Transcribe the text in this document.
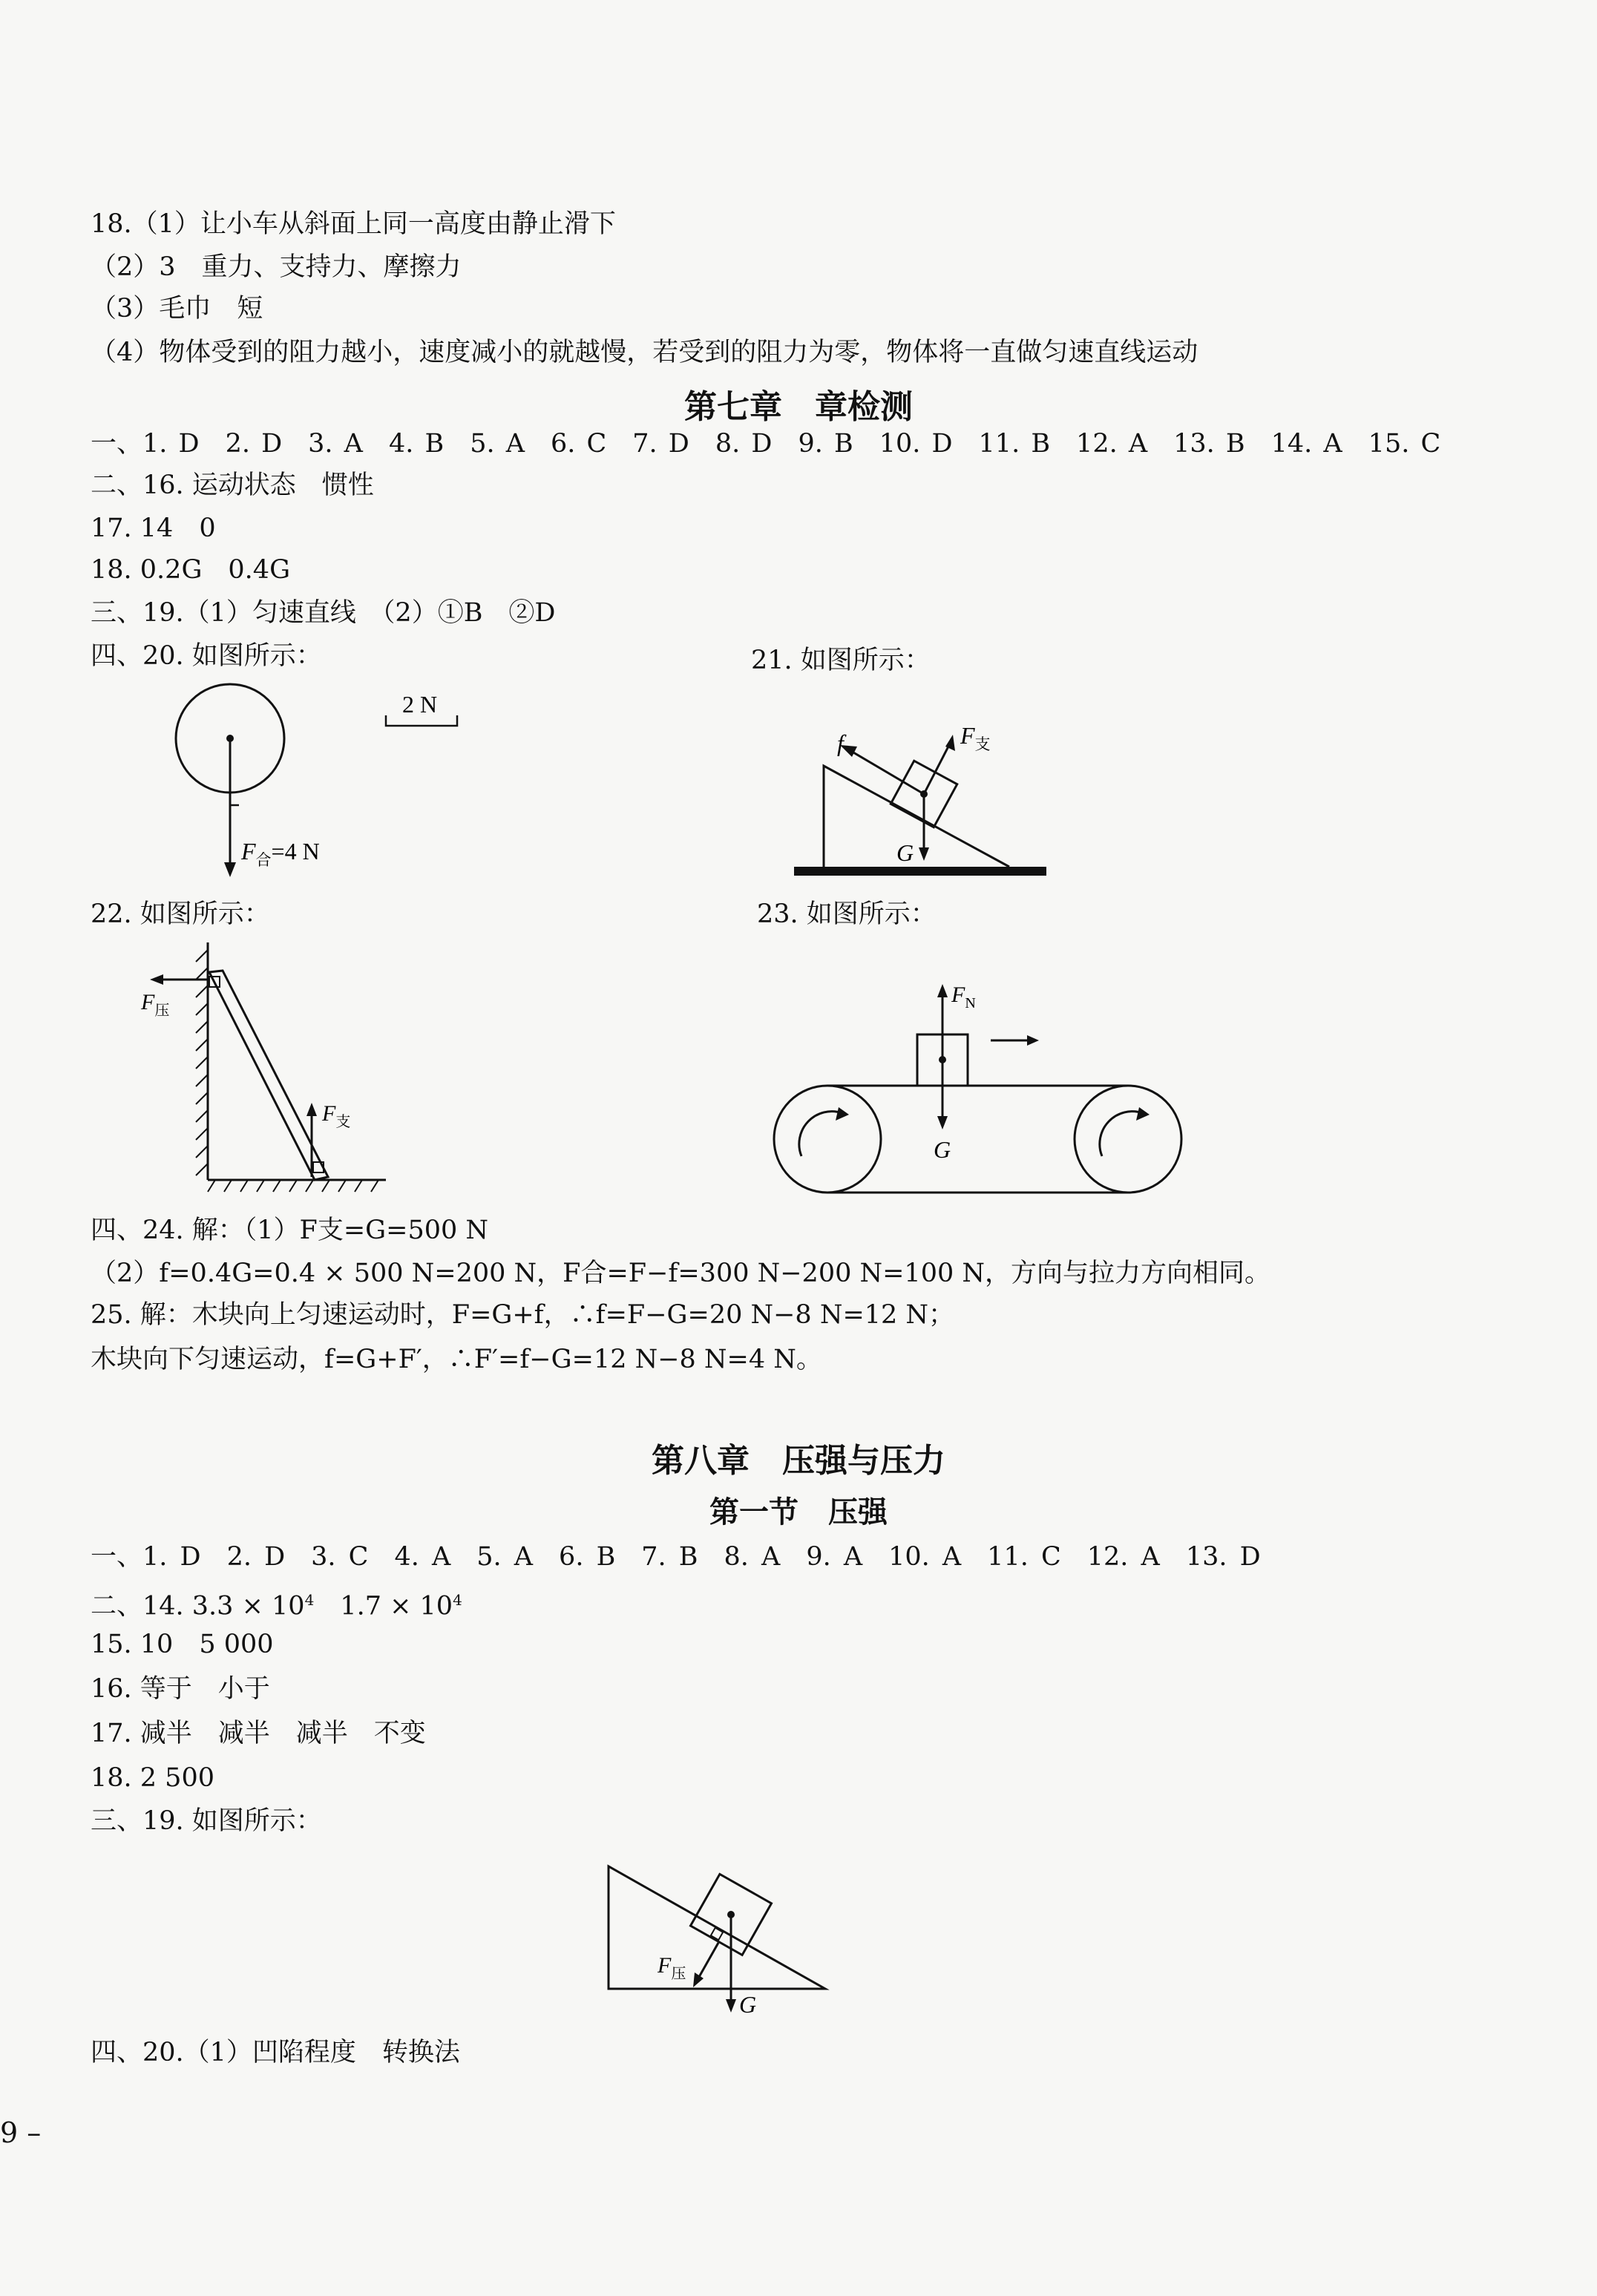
18.（1）让小车从斜面上同一高度由静止滑下
（2）3　重力、支持力、摩擦力
（3）毛巾　短
（4）物体受到的阻力越小，速度减小的就越慢，若受到的阻力为零，物体将一直做匀速直线运动
第七章　章检测
一、1. D　2. D　3. A　4. B　5. A　6. C　7. D　8. D　9. B　10. D　11. B　12. A　13. B　14. A　15. C
二、16. 运动状态　惯性
17. 14　0
18. 0.2G　0.4G
三、19.（1）匀速直线　（2）①B　②D
四、20. 如图所示：	21. 如图所示：
$F_合=4$ N
2 N
f	$F_支$
G
22. 如图所示：	23. 如图所示：
$F_压$
$F_支$
$F_N$
G
四、24. 解：（1）F支=G=500 N
（2）f=0.4G=0.4 × 500 N=200 N，F合=F−f=300 N−200 N=100 N，方向与拉力方向相同。
25. 解：木块向上匀速运动时，F=G+f，∴f=F−G=20 N−8 N=12 N；
木块向下匀速运动，f=G+F′，∴F′=f−G=12 N−8 N=4 N。
第八章　压强与压力
第一节　压强
一、1. D　2. D　3. C　4. A　5. A　6. B　7. B　8. A　9. A　10. A　11. C　12. A　13. D
二、14. $3.3 \times 10^4$　$1.7 \times 10^4$
15. 10　5 000
16. 等于　小于
17. 减半　减半　减半　不变
18. 2 500
三、19. 如图所示：
$F_压$
G
四、20.（1）凹陷程度　转换法
9 –
